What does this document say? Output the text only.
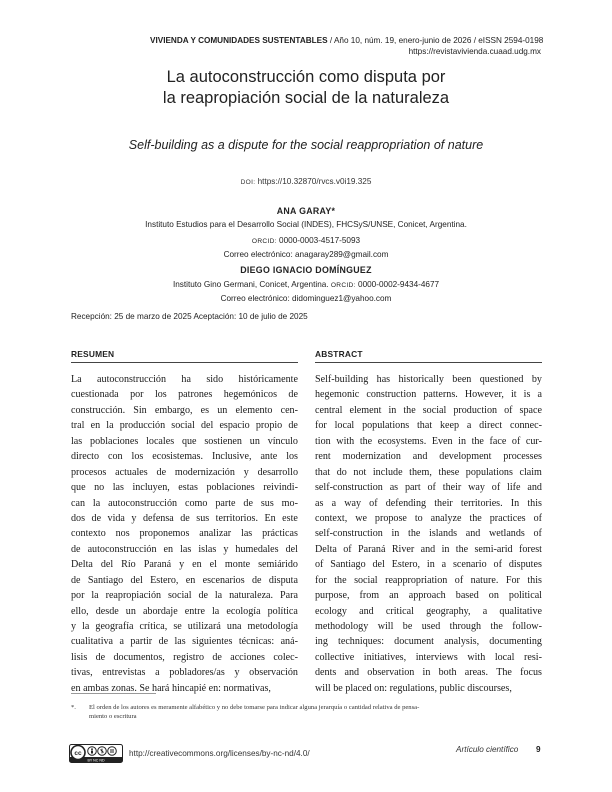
VIVIENDA Y COMUNIDADES SUSTENTABLES / Año 10, núm. 19, enero-junio de 2026 / eISSN 2594-0198
https://revistavivienda.cuaad.udg.mx
La autoconstrucción como disputa por
la reapropiación social de la naturaleza
Self-building as a dispute for the social reappropriation of nature
DOI: https://10.32870/rvcs.v0i19.325
ANA GARAY*
Instituto Estudios para el Desarrollo Social (INDES), FHCSyS/UNSE, Conicet, Argentina.
ORCID: 0000-0003-4517-5093
Correo electrónico: anagaray289@gmail.com
DIEGO IGNACIO DOMÍNGUEZ
Instituto Gino Germani, Conicet, Argentina. ORCID: 0000-0002-9434-4677
Correo electrónico: didominguez1@yahoo.com
Recepción: 25 de marzo de 2025 Aceptación: 10 de julio de 2025
RESUMEN	ABSTRACT
La autoconstrucción ha sido históricamente
cuestionada por los patrones hegemónicos de
construcción. Sin embargo, es un elemento cen-
tral en la producción social del espacio propio de
las poblaciones locales que sostienen un vínculo
directo con los ecosistemas. Inclusive, ante los
procesos actuales de modernización y desarrollo
que no las incluyen, estas poblaciones reivindi-
can la autoconstrucción como parte de sus mo-
dos de vida y defensa de sus territorios. En este
contexto nos proponemos analizar las prácticas
de autoconstrucción en las islas y humedales del
Delta del Río Paraná y en el monte semiárido
de Santiago del Estero, en escenarios de disputa
por la reapropiación social de la naturaleza. Para
ello, desde un abordaje entre la ecología política
y la geografía crítica, se utilizará una metodología
cualitativa a partir de las siguientes técnicas: aná-
lisis de documentos, registro de acciones colec-
tivas, entrevistas a pobladores/as y observación
en ambas zonas. Se hará hincapié en: normativas,
Self-building has historically been questioned by
hegemonic construction patterns. However, it is a
central element in the social production of space
for local populations that keep a direct connec-
tion with the ecosystems. Even in the face of cur-
rent modernization and development processes
that do not include them, these populations claim
self-construction as part of their way of life and
as a way of defending their territories. In this
context, we propose to analyze the practices of
self-construction in the islands and wetlands of
Delta of Paraná River and in the semi-arid forest
of Santiago del Estero, in a scenario of disputes
for the social reappropriation of nature. For this
purpose, from an approach based on political
ecology and critical geography, a qualitative
methodology will be used through the follow-
ing techniques: document analysis, documenting
collective initiatives, interviews with local resi-
dents and observation in both areas. The focus
will be placed on: regulations, public discourses,
*. El orden de los autores es meramente alfabético y no debe tomarse para indicar alguna jerarquía o cantidad relativa de pensa-
miento o escritura
cc
BY NC ND
http://creativecommons.org/licenses/by-nc-nd/4.0/	Artículo científico 9
